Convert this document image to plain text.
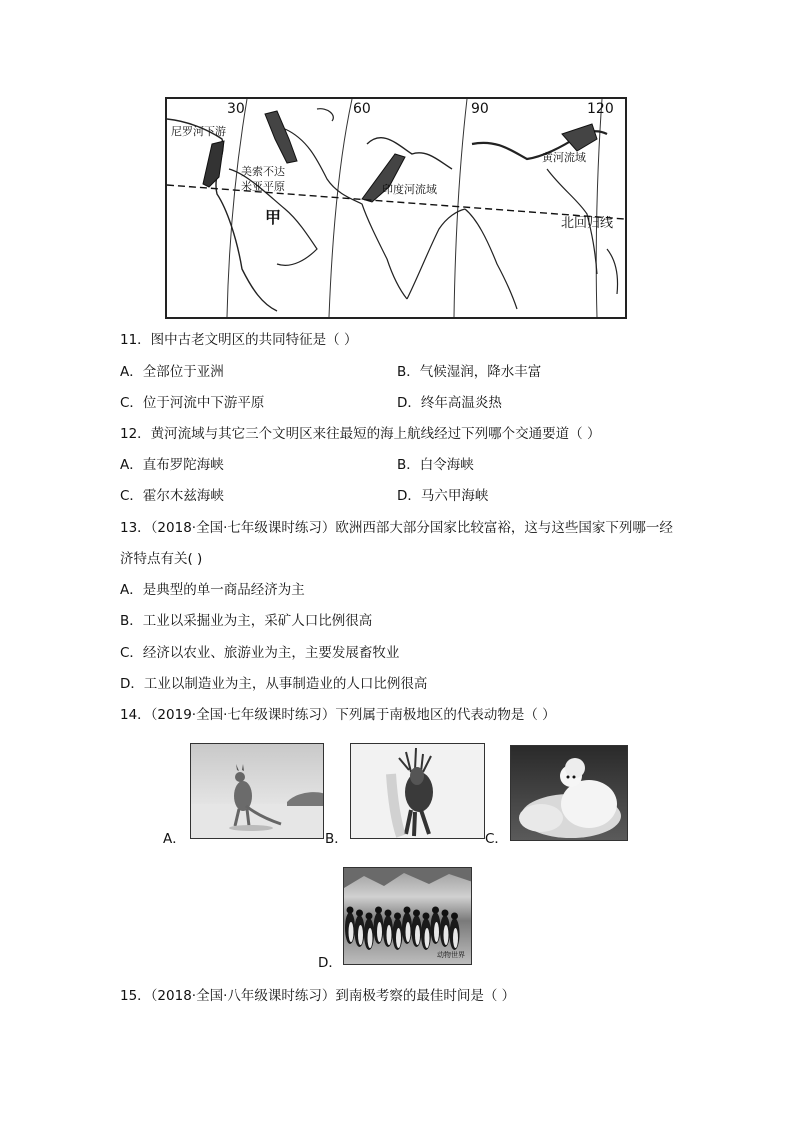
30	60	90	120
尼罗河下游
美索不达
米亚平原	印度河流域
黄河流域
甲	北回归线
11．图中古老文明区的共同特征是（ ）
A．全部位于亚洲	B．气候湿润，降水丰富
C．位于河流中下游平原	D．终年高温炎热
12．黄河流域与其它三个文明区来往最短的海上航线经过下列哪个交通要道（ ）
A．直布罗陀海峡	B．白令海峡
C．霍尔木兹海峡	D．马六甲海峡
13．（2018·全国·七年级课时练习）欧洲西部大部分国家比较富裕，这与这些国家下列哪一经
济特点有关( )
A．是典型的单一商品经济为主
B．工业以采掘业为主，采矿人口比例很高
C．经济以农业、旅游业为主，主要发展畜牧业
D．工业以制造业为主，从事制造业的人口比例很高
14．（2019·全国·七年级课时练习）下列属于南极地区的代表动物是（ ）
A．	B．	C．
动物世界
D．
15．（2018·全国·八年级课时练习）到南极考察的最佳时间是（ ）
